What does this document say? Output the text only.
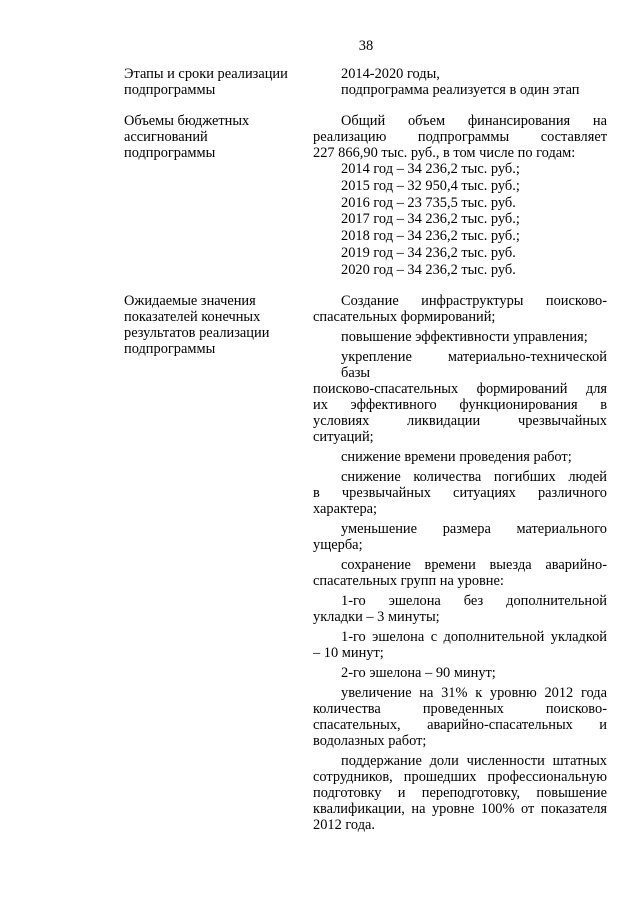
38
Этапы и сроки реализации
подпрограммы
2014-2020 годы,
подпрограмма реализуется в один этап
Объемы бюджетных
ассигнований
подпрограммы
Общий объем финансирования на
реализацию подпрограммы составляет
227 866,90 тыс. руб., в том числе по годам:
2014 год – 34 236,2 тыс. руб.;
2015 год – 32 950,4 тыс. руб.;
2016 год – 23 735,5 тыс. руб.
2017 год – 34 236,2 тыс. руб.;
2018 год – 34 236,2 тыс. руб.;
2019 год – 34 236,2 тыс. руб.
2020 год – 34 236,2 тыс. руб.
Ожидаемые значения
показателей конечных
результатов реализации
подпрограммы
Создание инфраструктуры поисково-
спасательных формирований;
повышение эффективности управления;
укрепление материально-технической базы
поисково-спасательных формирований для
их эффективного функционирования в
условиях ликвидации чрезвычайных
ситуаций;
снижение времени проведения работ;
снижение количества погибших людей
в чрезвычайных ситуациях различного
характера;
уменьшение размера материального
ущерба;
сохранение времени выезда аварийно-
спасательных групп на уровне:
1-го эшелона без дополнительной
укладки – 3 минуты;
1-го эшелона с дополнительной укладкой
– 10 минут;
2-го эшелона – 90 минут;
увеличение на 31% к уровню 2012 года
количества проведенных поисково-
спасательных, аварийно-спасательных и
водолазных работ;
поддержание доли численности штатных
сотрудников, прошедших профессиональную
подготовку и переподготовку, повышение
квалификации, на уровне 100% от показателя
2012 года.
